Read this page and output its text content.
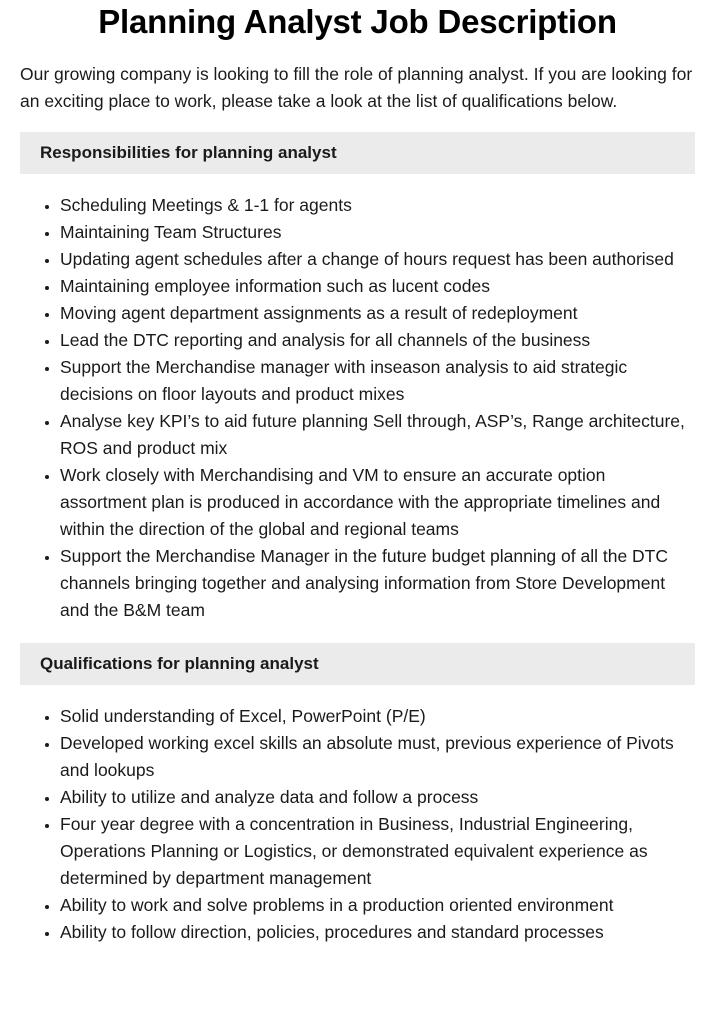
Planning Analyst Job Description

Our growing company is looking to fill the role of planning analyst. If you are looking for an exciting place to work, please take a look at the list of qualifications below.

Responsibilities for planning analyst
• Scheduling Meetings & 1-1 for agents
• Maintaining Team Structures
• Updating agent schedules after a change of hours request has been authorised
• Maintaining employee information such as lucent codes
• Moving agent department assignments as a result of redeployment
• Lead the DTC reporting and analysis for all channels of the business
• Support the Merchandise manager with inseason analysis to aid strategic decisions on floor layouts and product mixes
• Analyse key KPI’s to aid future planning Sell through, ASP’s, Range architecture, ROS and product mix
• Work closely with Merchandising and VM to ensure an accurate option assortment plan is produced in accordance with the appropriate timelines and within the direction of the global and regional teams
• Support the Merchandise Manager in the future budget planning of all the DTC channels bringing together and analysing information from Store Development and the B&M team
Qualifications for planning analyst
• Solid understanding of Excel, PowerPoint (P/E)
• Developed working excel skills an absolute must, previous experience of Pivots and lookups
• Ability to utilize and analyze data and follow a process
• Four year degree with a concentration in Business, Industrial Engineering, Operations Planning or Logistics, or demonstrated equivalent experience as determined by department management
• Ability to work and solve problems in a production oriented environment
• Ability to follow direction, policies, procedures and standard processes
